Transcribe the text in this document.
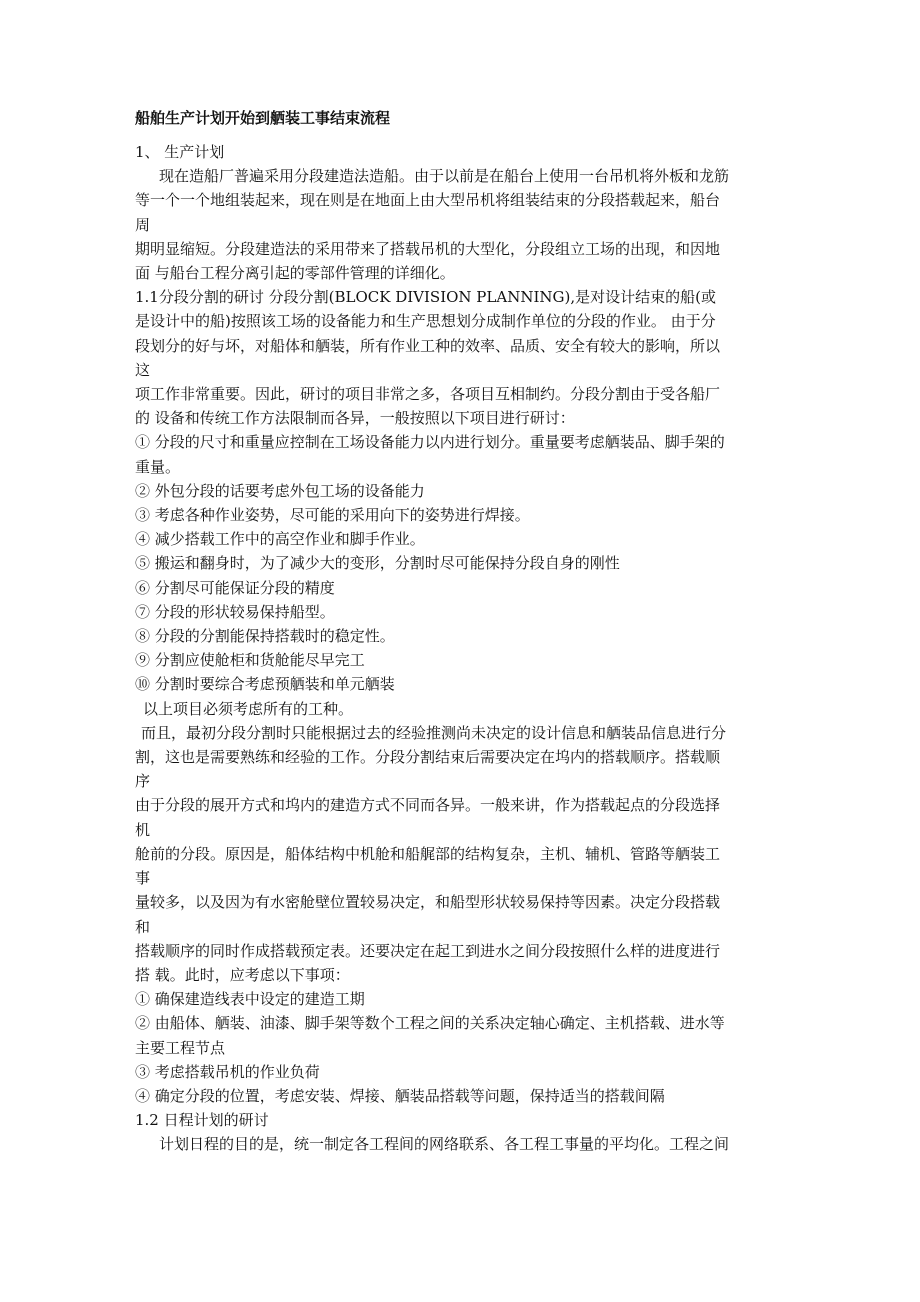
船舶生产计划开始到舾装工事结束流程

1、 生产计划

现在造船厂普遍采用分段建造法造船。由于以前是在船台上使用一台吊机将外板和龙筋

等一个一个地组装起来，现在则是在地面上由大型吊机将组装结束的分段搭载起来，船台

周

期明显缩短。分段建造法的采用带来了搭载吊机的大型化，分段组立工场的出现，和因地

面 与船台工程分离引起的零部件管理的详细化。

1.1分段分割的研讨 分段分割(BLOCK DIVISION PLANNING),是对设计结束的船(或

是设计中的船)按照该工场的设备能力和生产思想划分成制作单位的分段的作业。 由于分

段划分的好与坏，对船体和舾装，所有作业工种的效率、品质、安全有较大的影响，所以

这

项工作非常重要。因此，研讨的项目非常之多，各项目互相制约。分段分割由于受各船厂

的 设备和传统工作方法限制而各异，一般按照以下项目进行研讨：

① 分段的尺寸和重量应控制在工场设备能力以内进行划分。重量要考虑舾装品、脚手架的

重量。

② 外包分段的话要考虑外包工场的设备能力

③ 考虑各种作业姿势，尽可能的采用向下的姿势进行焊接。

④ 减少搭载工作中的高空作业和脚手作业。

⑤ 搬运和翻身时，为了减少大的变形，分割时尽可能保持分段自身的刚性

⑥ 分割尽可能保证分段的精度

⑦ 分段的形状较易保持船型。

⑧ 分段的分割能保持搭载时的稳定性。

⑨ 分割应使舱柜和货舱能尽早完工

⑩ 分割时要综合考虑预舾装和单元舾装

以上项目必须考虑所有的工种。

而且，最初分段分割时只能根据过去的经验推测尚未决定的设计信息和舾装品信息进行分

割，这也是需要熟练和经验的工作。分段分割结束后需要决定在坞内的搭载顺序。搭载顺

序

由于分段的展开方式和坞内的建造方式不同而各异。一般来讲，作为搭载起点的分段选择

机

舱前的分段。原因是，船体结构中机舱和船艉部的结构复杂，主机、辅机、管路等舾装工

事

量较多，以及因为有水密舱壁位置较易决定，和船型形状较易保持等因素。决定分段搭载

和

搭载顺序的同时作成搭载预定表。还要决定在起工到进水之间分段按照什么样的进度进行

搭 载。此时，应考虑以下事项：

① 确保建造线表中设定的建造工期

② 由船体、舾装、油漆、脚手架等数个工程之间的关系决定轴心确定、主机搭载、进水等

主要工程节点

③ 考虑搭载吊机的作业负荷

④ 确定分段的位置，考虑安装、焊接、舾装品搭载等问题，保持适当的搭载间隔

1.2 日程计划的研讨

计划日程的目的是，统一制定各工程间的网络联系、各工程工事量的平均化。工程之间
